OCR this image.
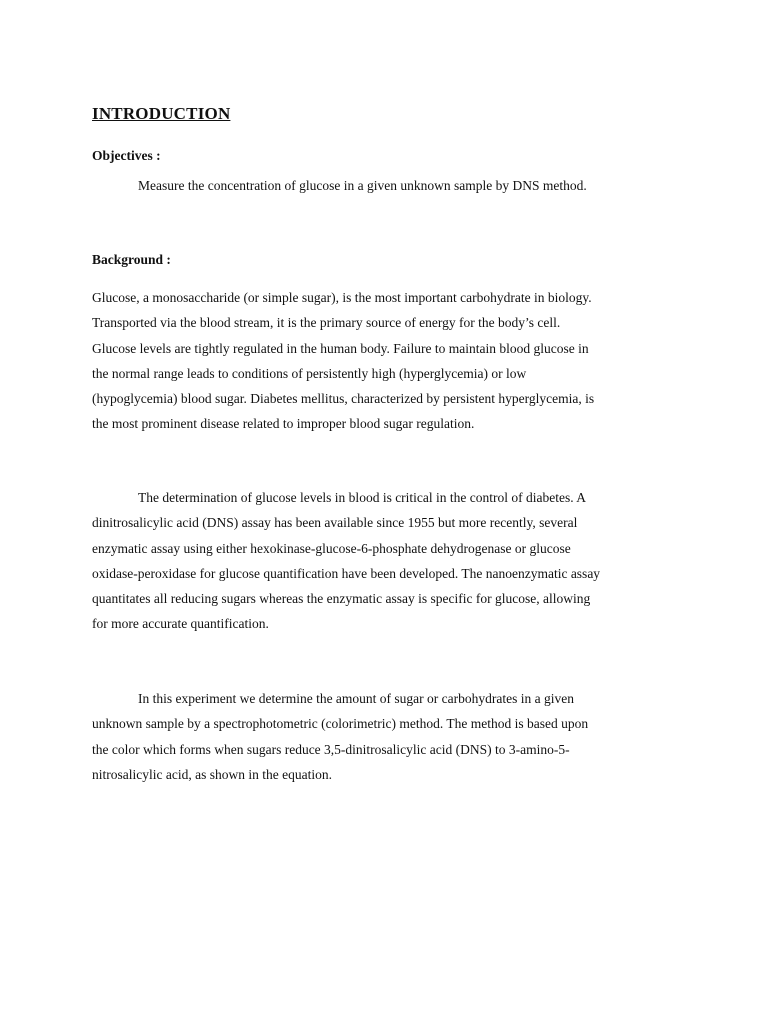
INTRODUCTION
Objectives :
Measure the concentration of glucose in a given unknown sample by DNS method.
Background :
Glucose, a monosaccharide (or simple sugar), is the most important carbohydrate in biology.
Transported via the blood stream, it is the primary source of energy for the body’s cell.
Glucose levels are tightly regulated in the human body. Failure to maintain blood glucose in
the normal range leads to conditions of persistently high (hyperglycemia) or low
(hypoglycemia) blood sugar. Diabetes mellitus, characterized by persistent hyperglycemia, is
the most prominent disease related to improper blood sugar regulation.
The determination of glucose levels in blood is critical in the control of diabetes. A
dinitrosalicylic acid (DNS) assay has been available since 1955 but more recently, several
enzymatic assay using either hexokinase-glucose-6-phosphate dehydrogenase or glucose
oxidase-peroxidase for glucose quantification have been developed. The nanoenzymatic assay
quantitates all reducing sugars whereas the enzymatic assay is specific for glucose, allowing
for more accurate quantification.
In this experiment we determine the amount of sugar or carbohydrates in a given
unknown sample by a spectrophotometric (colorimetric) method. The method is based upon
the color which forms when sugars reduce 3,5-dinitrosalicylic acid (DNS) to 3-amino-5-
nitrosalicylic acid, as shown in the equation.
